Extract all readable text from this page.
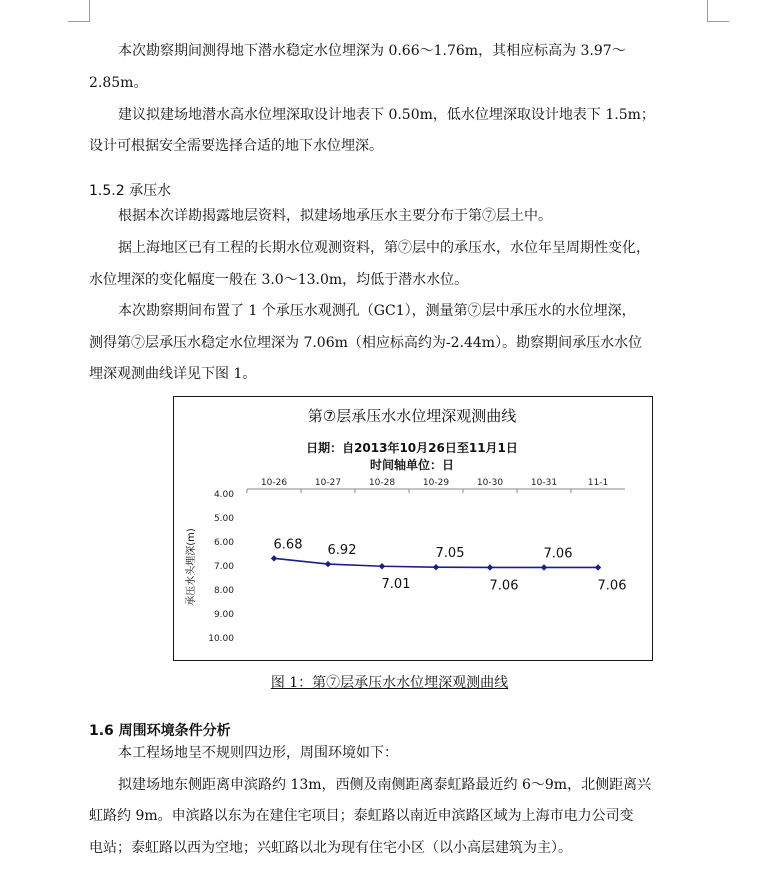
本次勘察期间测得地下潜水稳定水位埋深为 0.66～1.76m，其相应标高为 3.97～
2.85m。
建议拟建场地潜水高水位埋深取设计地表下 0.50m，低水位埋深取设计地表下 1.5m；
设计可根据安全需要选择合适的地下水位埋深。
1.5.2 承压水
根据本次详勘揭露地层资料，拟建场地承压水主要分布于第⑦层土中。
据上海地区已有工程的长期水位观测资料，第⑦层中的承压水，水位年呈周期性变化，
水位埋深的变化幅度一般在 3.0～13.0m，均低于潜水水位。
本次勘察期间布置了 1 个承压水观测孔（GC1），测量第⑦层中承压水的水位埋深，
测得第⑦层承压水稳定水位埋深为 7.06m（相应标高约为-2.44m）。勘察期间承压水水位
埋深观测曲线详见下图 1。
第⑦层承压水水位埋深观测曲线
日期：自2013年10月26日至11月1日
时间轴单位：日
承压水头埋深(m)
10-26	10-27	10-28	10-29	10-30	10-31	11-1
4.00
5.00
6.00
7.00
8.00
9.00
10.00
6.68 6.92
7.01
7.05
7.06
7.06
7.06
图 1：第⑦层承压水水位埋深观测曲线
1.6 周围环境条件分析
本工程场地呈不规则四边形，周围环境如下：
拟建场地东侧距离申滨路约 13m，西侧及南侧距离泰虹路最近约 6～9m，北侧距离兴
虹路约 9m。申滨路以东为在建住宅项目；泰虹路以南近申滨路区域为上海市电力公司变
电站；泰虹路以西为空地；兴虹路以北为现有住宅小区（以小高层建筑为主）。
